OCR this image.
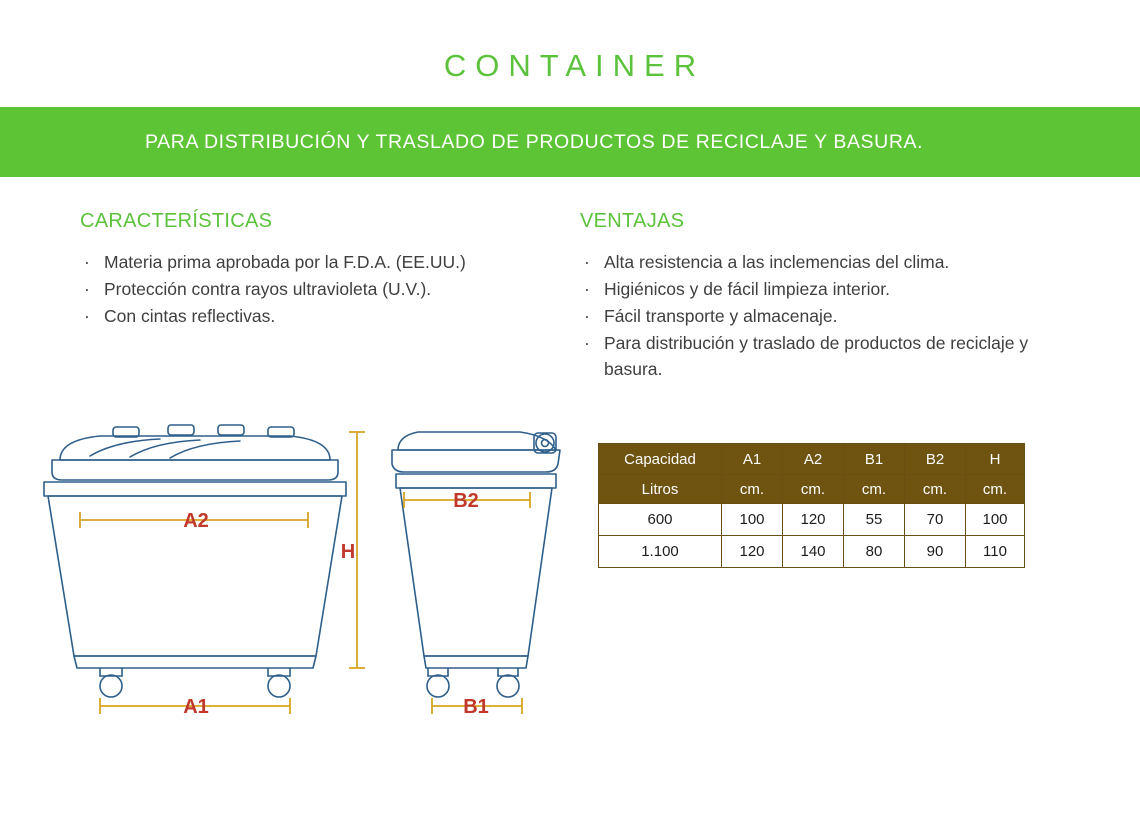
CONTAINER
PARA DISTRIBUCIÓN Y TRASLADO DE PRODUCTOS DE RECICLAJE Y BASURA.
CARACTERÍSTICAS
· Materia prima aprobada por la F.D.A. (EE.UU.)
· Protección contra rayos ultravioleta (U.V.).
· Con cintas reflectivas.
VENTAJAS
· Alta resistencia a las inclemencias del clima.
· Higiénicos y de fácil limpieza interior.
· Fácil transporte y almacenaje.
· Para distribución y traslado de productos de reciclaje y basura.
A2
A1
H
B2
B1
Capacidad	A1	A2	B1	B2	H
Litros	cm.	cm.	cm.	cm.	cm.
600	100	120	55	70	100
1.100	120	140	80	90	110
